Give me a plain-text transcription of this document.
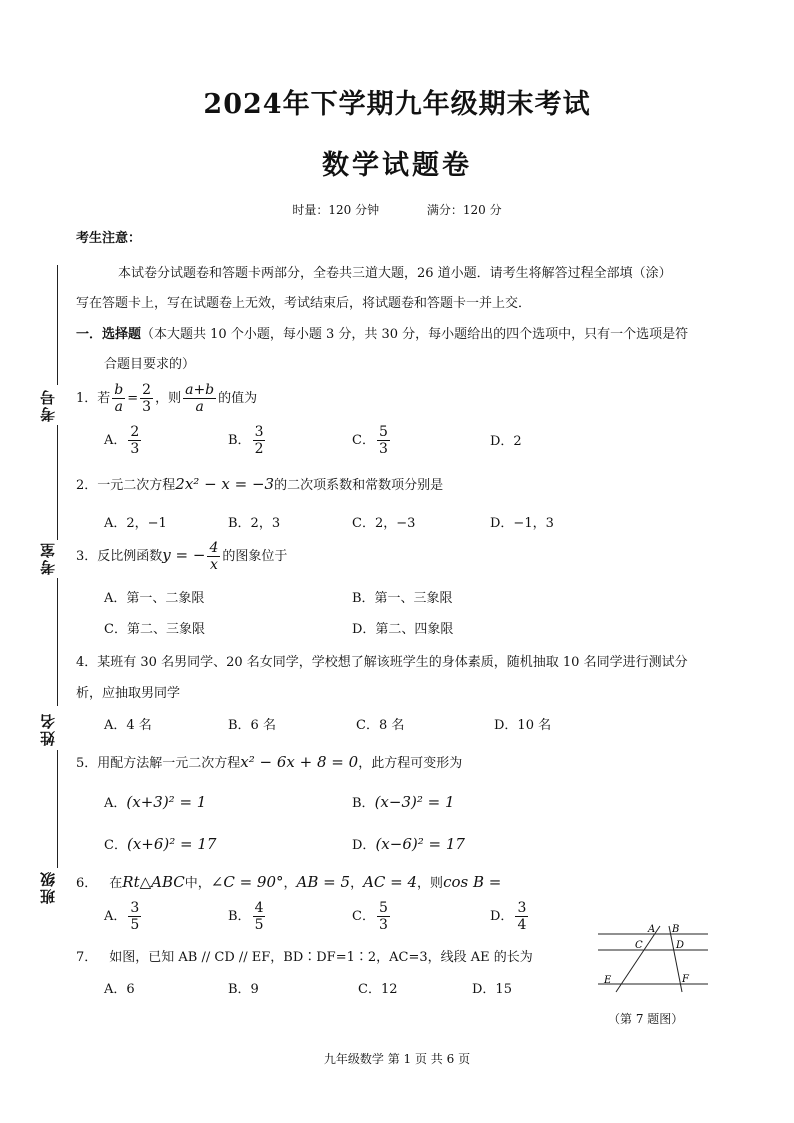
2024年下学期九年级期末考试
数学试题卷
时量：120 分钟	满分：120 分
考生注意：
本试卷分试题卷和答题卡两部分，全卷共三道大题，26 道小题．请考生将解答过程全部填（涂）
写在答题卡上，写在试题卷上无效，考试结束后，将试题卷和答题卡一并上交．
一．选择题（本大题共 10 个小题，每小题 3 分，共 30 分，每小题给出的四个选项中，只有一个选项是符
合题目要求的）
考号
考室
姓名
班级
1．若 $\frac{b}{a} = \frac{2}{3}$ ，则 $\frac{a+b}{a}$ 的值为
A． $\frac{2}{3}$	B． $\frac{3}{2}$	C． $\frac{5}{3}$	D．2
2．一元二次方程2x² − x = −3的二次项系数和常数项分别是
A．2，−1	B．2，3	C．2，−3	D．−1，3
3．反比例函数y = − $\frac{4}{x}$ 的图象位于
A．第一、二象限	B．第一、三象限
C．第二、三象限	D．第二、四象限
4．某班有 30 名男同学、20 名女同学，学校想了解该班学生的身体素质，随机抽取 10 名同学进行测试分
析，应抽取男同学
A．4 名	B．6 名	C．8 名	D．10 名
5．用配方法解一元二次方程x² − 6x + 8 = 0，此方程可变形为
A．(x+3)² = 1	B．(x−3)² = 1
C．(x+6)² = 17	D．(x−6)² = 17
6． 在Rt△ABC中，∠C = 90°，AB = 5，AC = 4，则cos B =
A． $\frac{3}{5}$	B． $\frac{4}{5}$	C． $\frac{5}{3}$	D． $\frac{3}{4}$
7． 如图，已知 AB // CD // EF，BD∶DF=1∶2，AC=3，线段 AE 的长为
A．6	B．9	C．12	D．15
A B
C	D
E	F
（第 7 题图）
九年级数学 第 1 页 共 6 页
